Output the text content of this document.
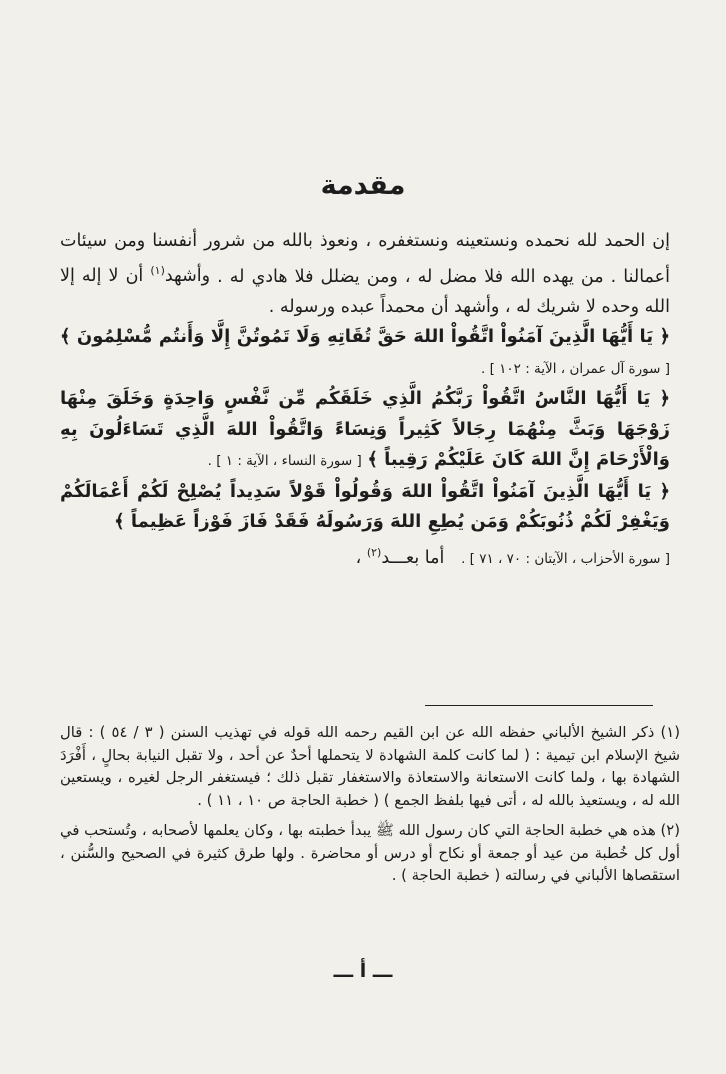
مقدمة

إن الحمد لله نحمده ونستعينه ونستغفره ، ونعوذ بالله من شرور أنفسنا ومن سيئات أعمالنا . من يهده الله فلا مضل له ، ومن يضلل فلا هادي له . وأشهد$^{(١)}$ أن لا إله إلا الله وحده لا شريك له ، وأشهد أن محمداً عبده ورسوله .

﴿ يَا أَيُّهَا الَّذِينَ آمَنُواْ اتَّقُواْ اللهَ حَقَّ تُقَاتِهِ وَلَا تَمُوتُنَّ إِلَّا وَأَنتُم مُّسْلِمُونَ ﴾ [ سورة آل عمران ، الآية : ١٠٢ ] .

﴿ يَا أَيُّهَا النَّاسُ اتَّقُواْ رَبَّكُمُ الَّذِي خَلَقَكُم مِّن نَّفْسٍ وَاحِدَةٍ وَخَلَقَ مِنْهَا زَوْجَهَا وَبَثَّ مِنْهُمَا رِجَالاً كَثِيراً وَنِسَاءً وَاتَّقُواْ اللهَ الَّذِي تَسَاءَلُونَ بِهِ وَالْأَرْحَامَ إِنَّ اللهَ كَانَ عَلَيْكُمْ رَقِيباً ﴾ [ سورة النساء ، الآية : ١ ] .

﴿ يَا أَيُّهَا الَّذِينَ آمَنُواْ اتَّقُواْ اللهَ وَقُولُواْ قَوْلاً سَدِيداً يُصْلِحْ لَكُمْ أَعْمَالَكُمْ وَيَغْفِرْ لَكُمْ ذُنُوبَكُمْ وَمَن يُطِعِ اللهَ وَرَسُولَهُ فَقَدْ فَازَ فَوْزاً عَظِيماً ﴾

[ سورة الأحزاب ، الآيتان : ٧٠ ، ٧١ ] .   أما بعـــد$^{(٢)}$ ،

(١) ذكر الشيخ الألباني حفظه الله عن ابن القيم رحمه الله قوله في تهذيب السنن ( ٣ / ٥٤ ) : قال شيخ الإسلام ابن تيمية : ( لما كانت كلمة الشهادة لا يتحملها أحدٌ عن أحد ، ولا تقبل النيابة بحالٍ ، أَفْرَدَ الشهادة بها ، ولما كانت الاستعانة والاستعاذة والاستغفار تقبل ذلك ؛ فيستغفر الرجل لغيره ، ويستعين الله له ، ويستعيذ بالله له ، أتى فيها بلفظ الجمع ) ( خطبة الحاجة ص ١٠ ، ١١ ) .

(٢) هذه هي خطبة الحاجة التي كان رسول الله ﷺ يبدأ خطبته بها ، وكان يعلمها لأصحابه ، وتُستحب في أول كل خُطبة من عيد أو جمعة أو نكاح أو درس أو محاضرة . ولها طرق كثيرة في الصحيح والسُّنن ، استقصاها الألباني في رسالته ( خطبة الحاجة ) .

ـــ أ ـــ
